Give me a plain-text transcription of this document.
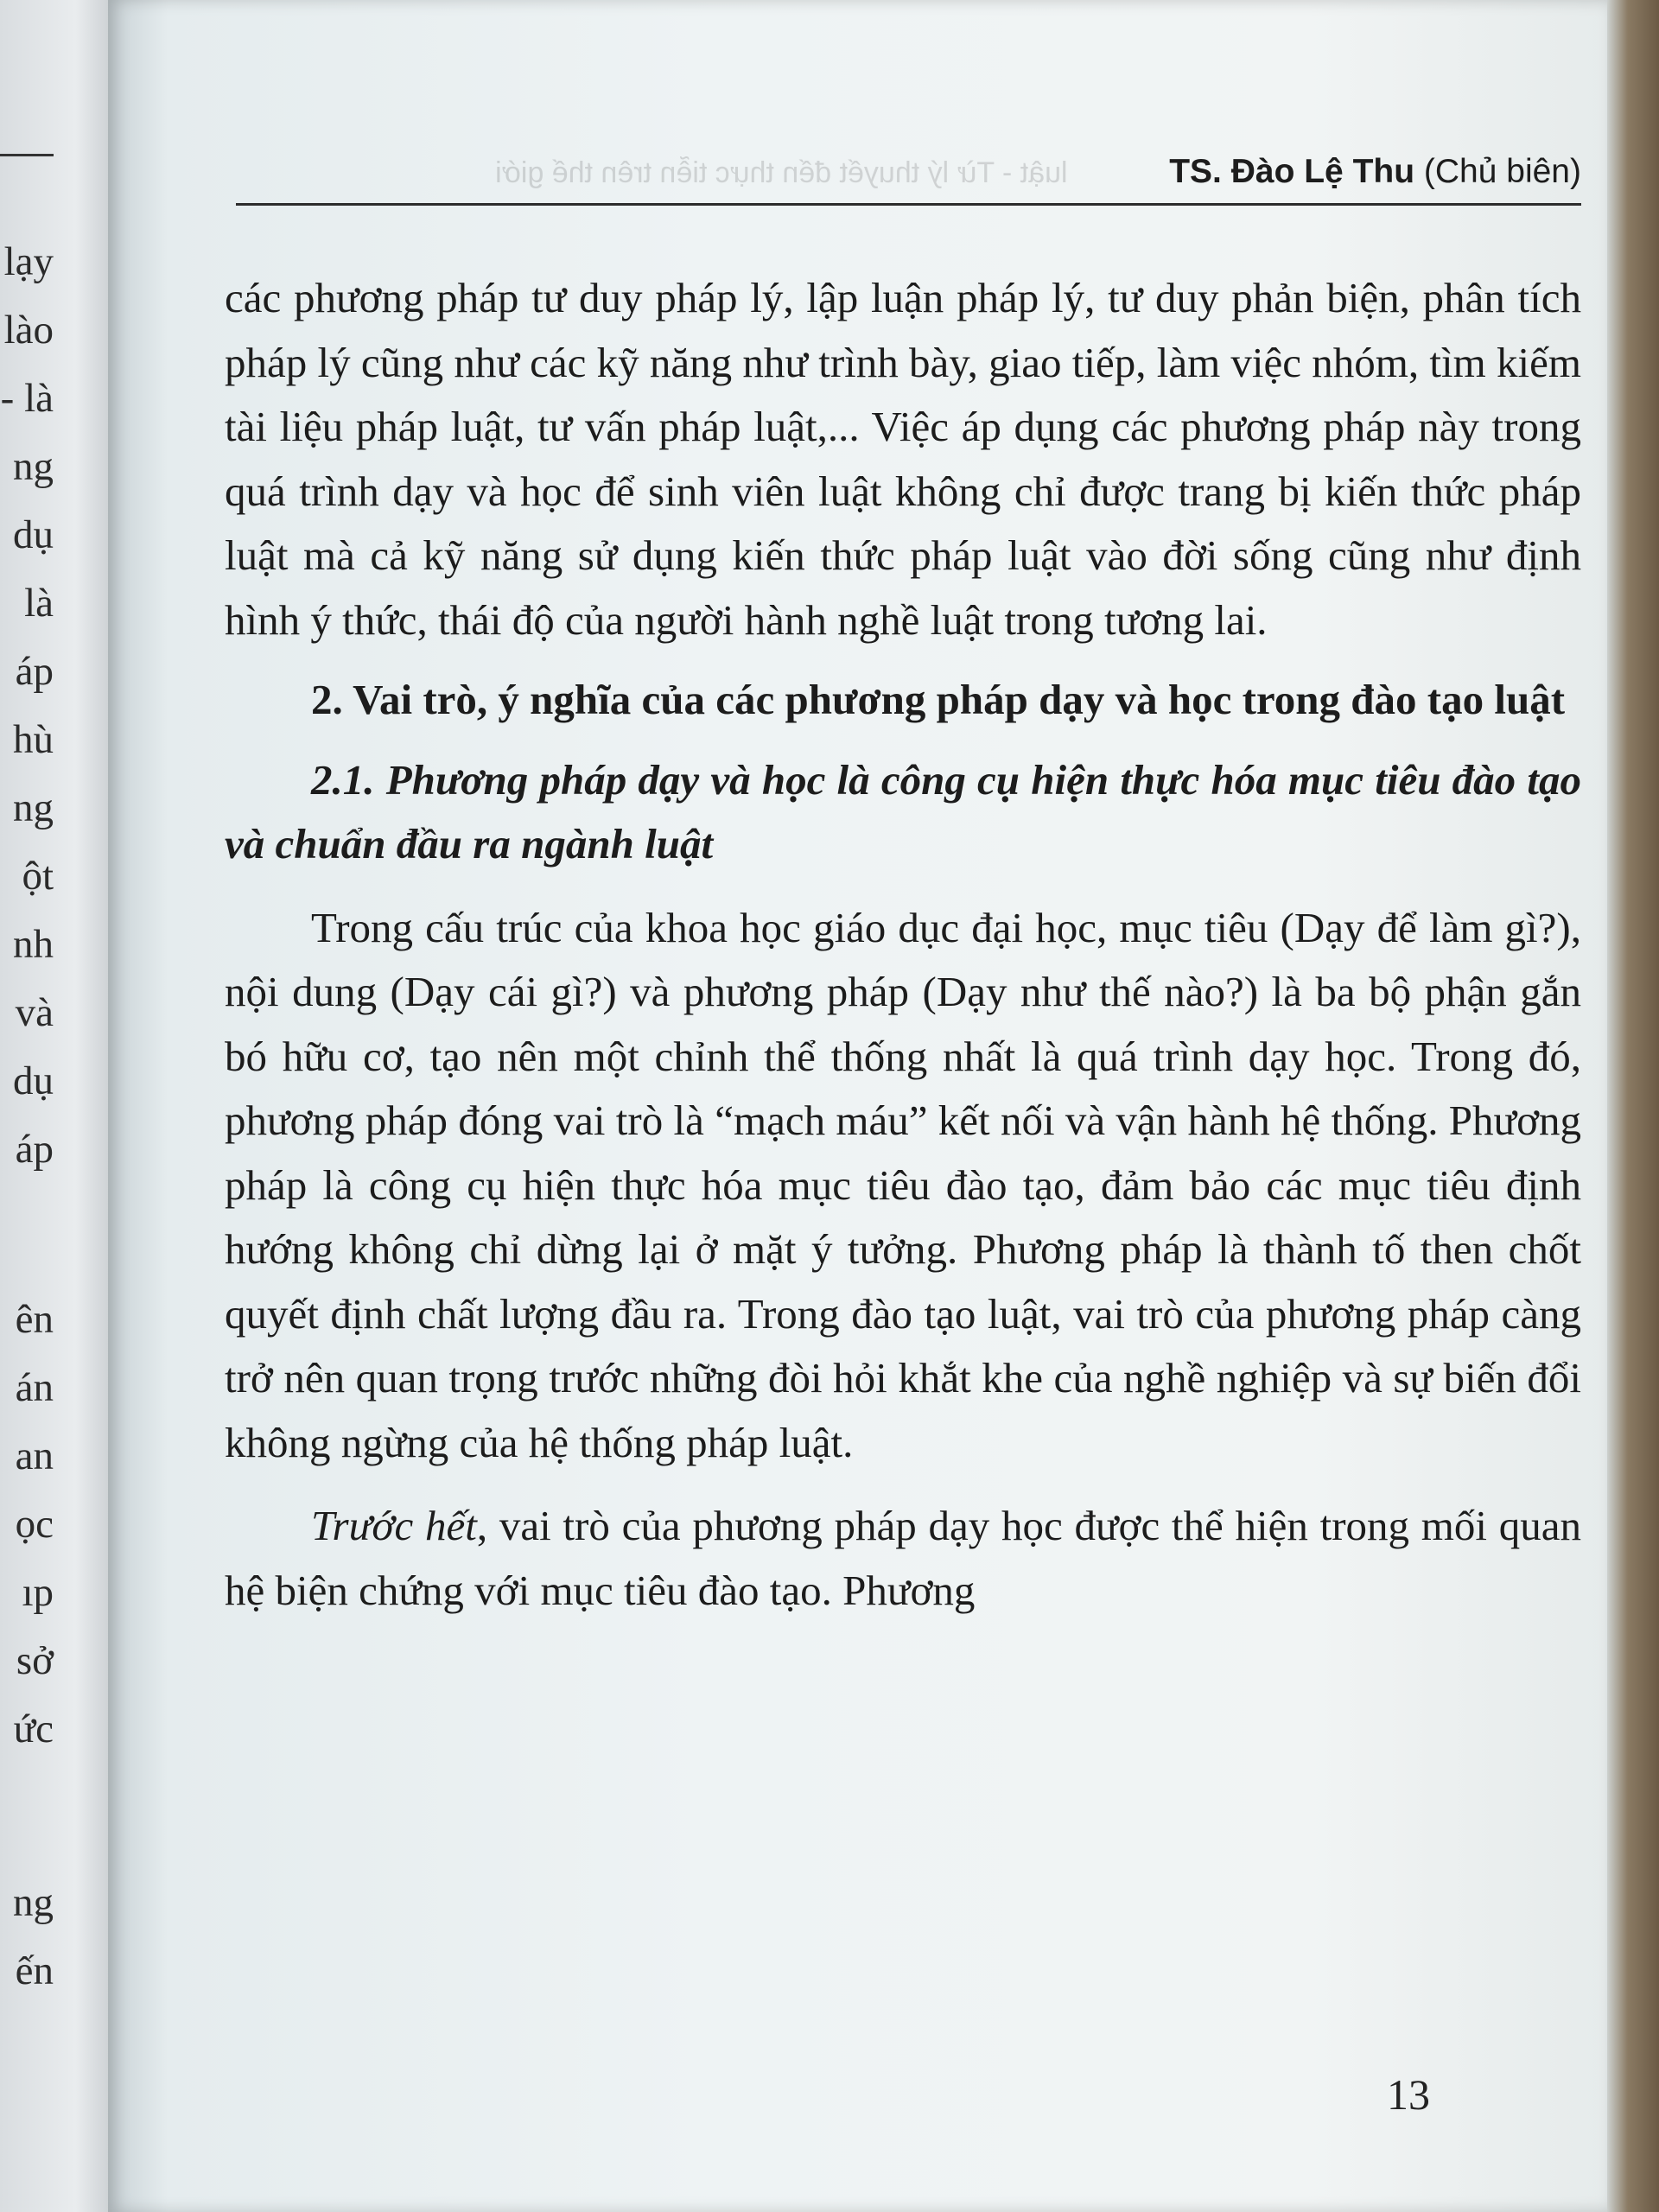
lạy
lào
- là
ng
dụ
là
áp
hù
ng
ột
nh
và
dụ
áp
ên
án
an
ọc
ıp
sở
ức
ng
ến
luật - Từ lý thuyết đến thực tiễn trên thế giới	TS. Đào Lệ Thu (Chủ biên)

các phương pháp tư duy pháp lý, lập luận pháp lý, tư duy phản biện, phân tích pháp lý cũng như các kỹ năng như trình bày, giao tiếp, làm việc nhóm, tìm kiếm tài liệu pháp luật, tư vấn pháp luật,... Việc áp dụng các phương pháp này trong quá trình dạy và học để sinh viên luật không chỉ được trang bị kiến thức pháp luật mà cả kỹ năng sử dụng kiến thức pháp luật vào đời sống cũng như định hình ý thức, thái độ của người hành nghề luật trong tương lai.

2. Vai trò, ý nghĩa của các phương pháp dạy và học trong đào tạo luật

2.1. Phương pháp dạy và học là công cụ hiện thực hóa mục tiêu đào tạo và chuẩn đầu ra ngành luật

Trong cấu trúc của khoa học giáo dục đại học, mục tiêu (Dạy để làm gì?), nội dung (Dạy cái gì?) và phương pháp (Dạy như thế nào?) là ba bộ phận gắn bó hữu cơ, tạo nên một chỉnh thể thống nhất là quá trình dạy học. Trong đó, phương pháp đóng vai trò là “mạch máu” kết nối và vận hành hệ thống. Phương pháp là công cụ hiện thực hóa mục tiêu đào tạo, đảm bảo các mục tiêu định hướng không chỉ dừng lại ở mặt ý tưởng. Phương pháp là thành tố then chốt quyết định chất lượng đầu ra. Trong đào tạo luật, vai trò của phương pháp càng trở nên quan trọng trước những đòi hỏi khắt khe của nghề nghiệp và sự biến đổi không ngừng của hệ thống pháp luật.

Trước hết, vai trò của phương pháp dạy học được thể hiện trong mối quan hệ biện chứng với mục tiêu đào tạo. Phương

13
